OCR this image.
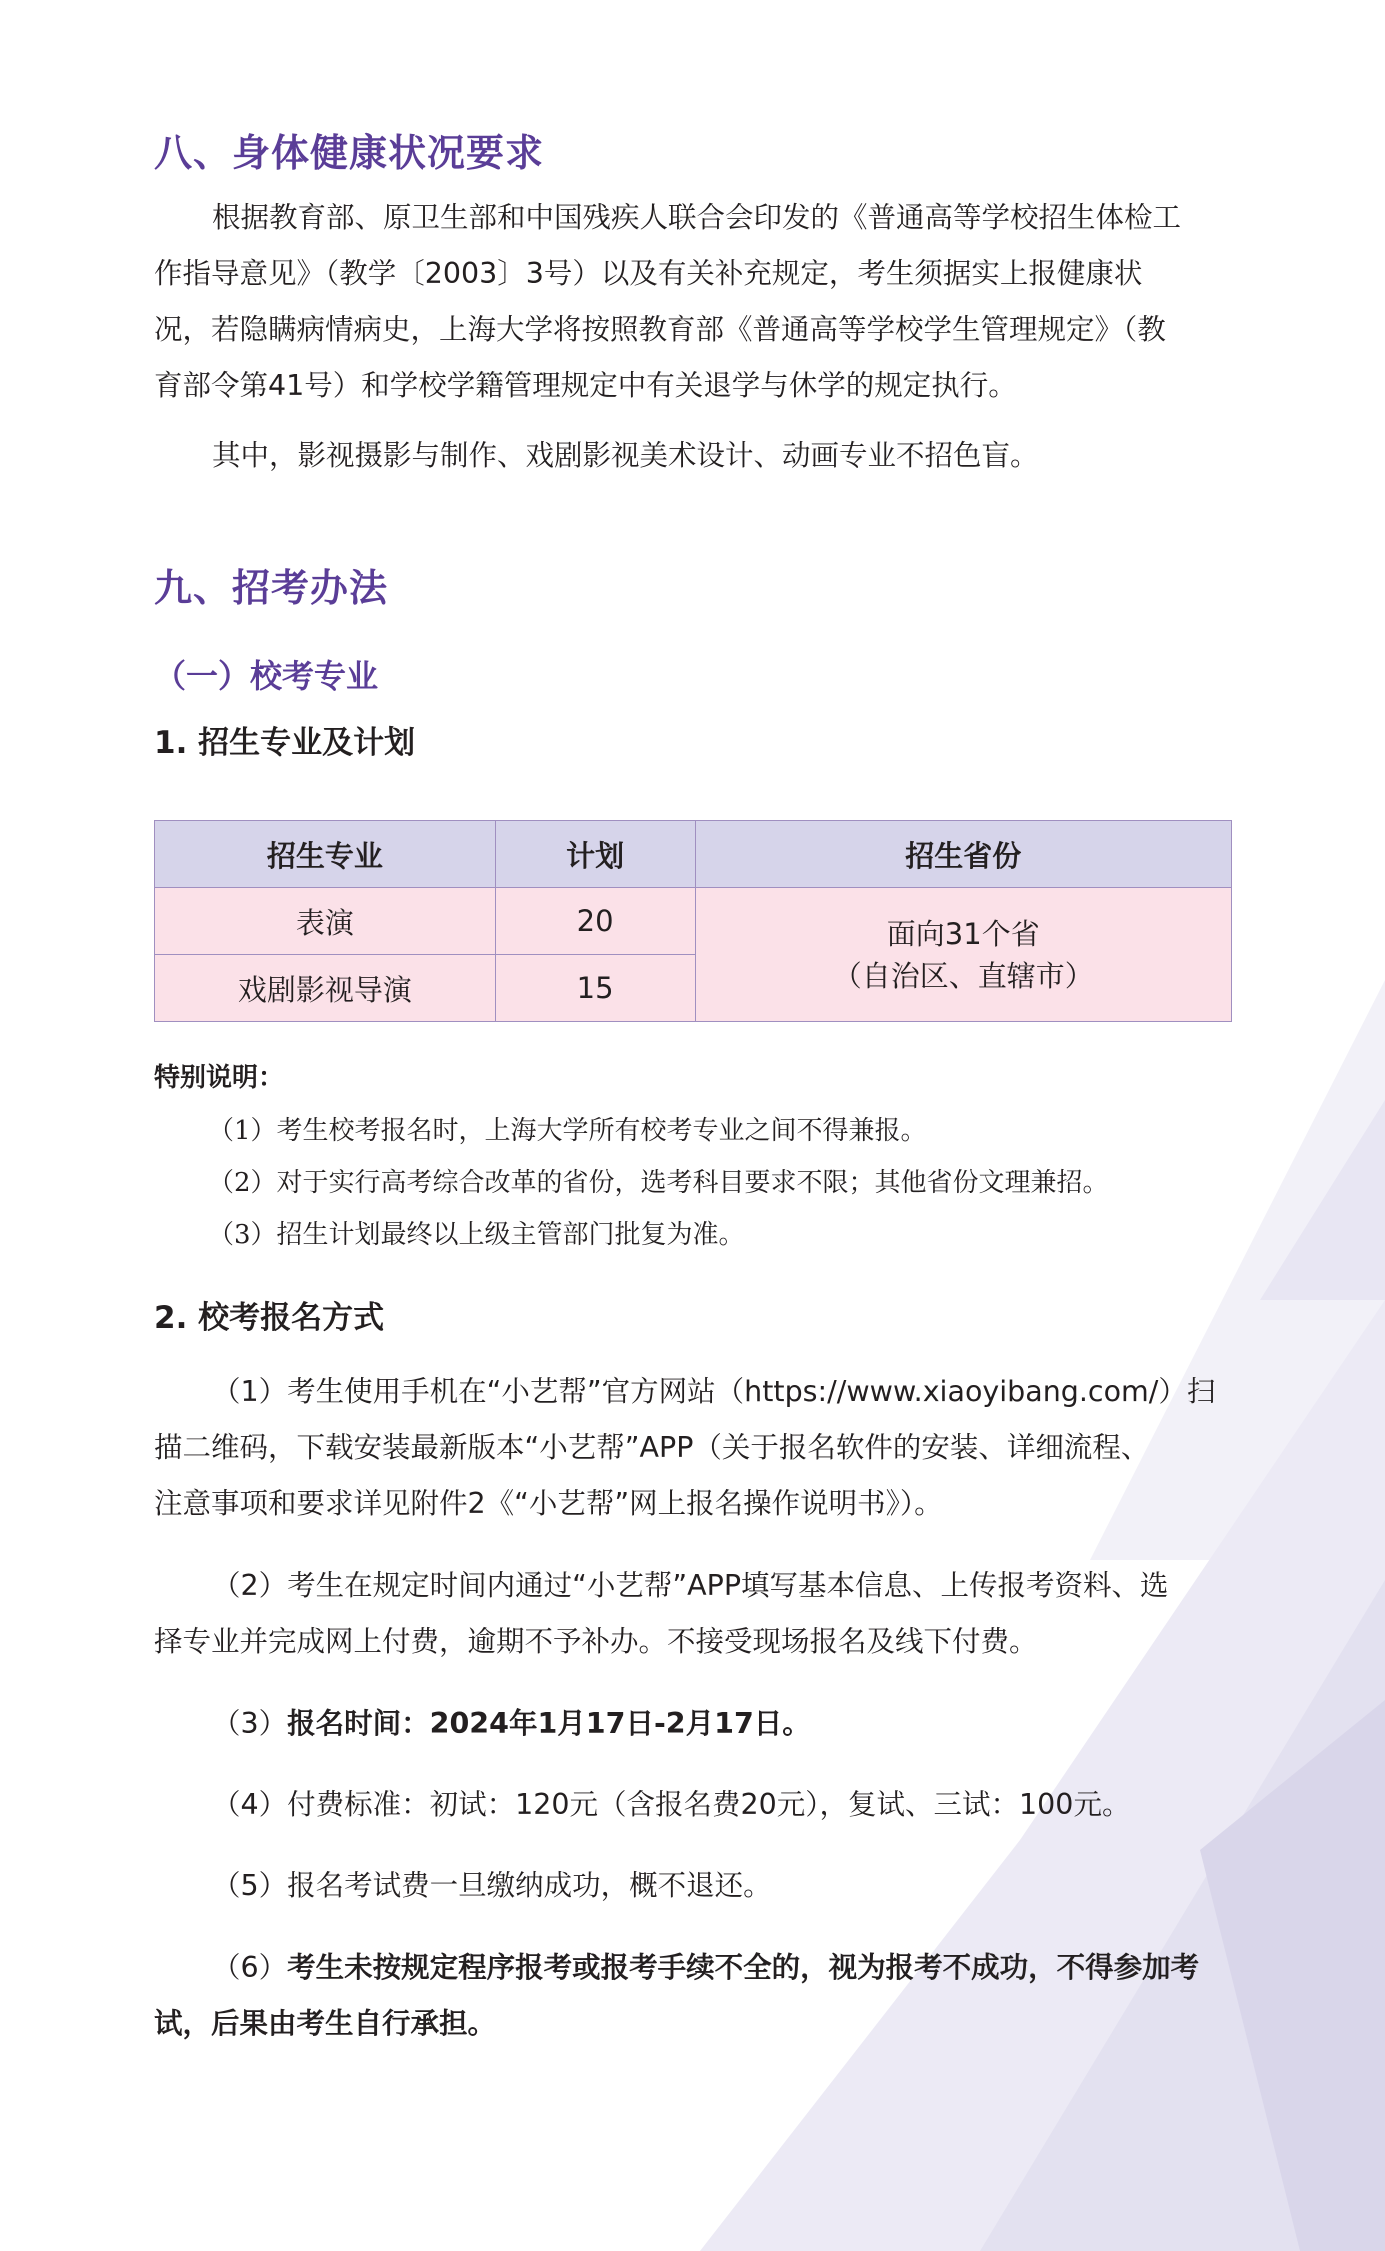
八、身体健康状况要求

根据教育部、原卫生部和中国残疾人联合会印发的《普通高等学校招生体检工

作指导意见》（教学〔2003〕3号）以及有关补充规定，考生须据实上报健康状

况，若隐瞒病情病史，上海大学将按照教育部《普通高等学校学生管理规定》（教

育部令第41号）和学校学籍管理规定中有关退学与休学的规定执行。

其中，影视摄影与制作、戏剧影视美术设计、动画专业不招色盲。

九、招考办法
（一）校考专业
1. 招生专业及计划
招生专业	计划	招生省份
表演	20	面向31个省
（自治区、直辖市）

戏剧影视导演	15	

特别说明：

（1）考生校考报名时，上海大学所有校考专业之间不得兼报。

（2）对于实行高考综合改革的省份，选考科目要求不限；其他省份文理兼招。

（3）招生计划最终以上级主管部门批复为准。

2. 校考报名方式

（1）考生使用手机在“小艺帮”官方网站（https://www.xiaoyibang.com/）扫

描二维码，下载安装最新版本“小艺帮”APP（关于报名软件的安装、详细流程、

注意事项和要求详见附件2《“小艺帮”网上报名操作说明书》）。

（2）考生在规定时间内通过“小艺帮”APP填写基本信息、上传报考资料、选

择专业并完成网上付费，逾期不予补办。不接受现场报名及线下付费。

（3）报名时间：2024年1月17日-2月17日。

（4）付费标准：初试：120元（含报名费20元），复试、三试：100元。

（5）报名考试费一旦缴纳成功，概不退还。

（6）考生未按规定程序报考或报考手续不全的，视为报考不成功，不得参加考

试，后果由考生自行承担。
